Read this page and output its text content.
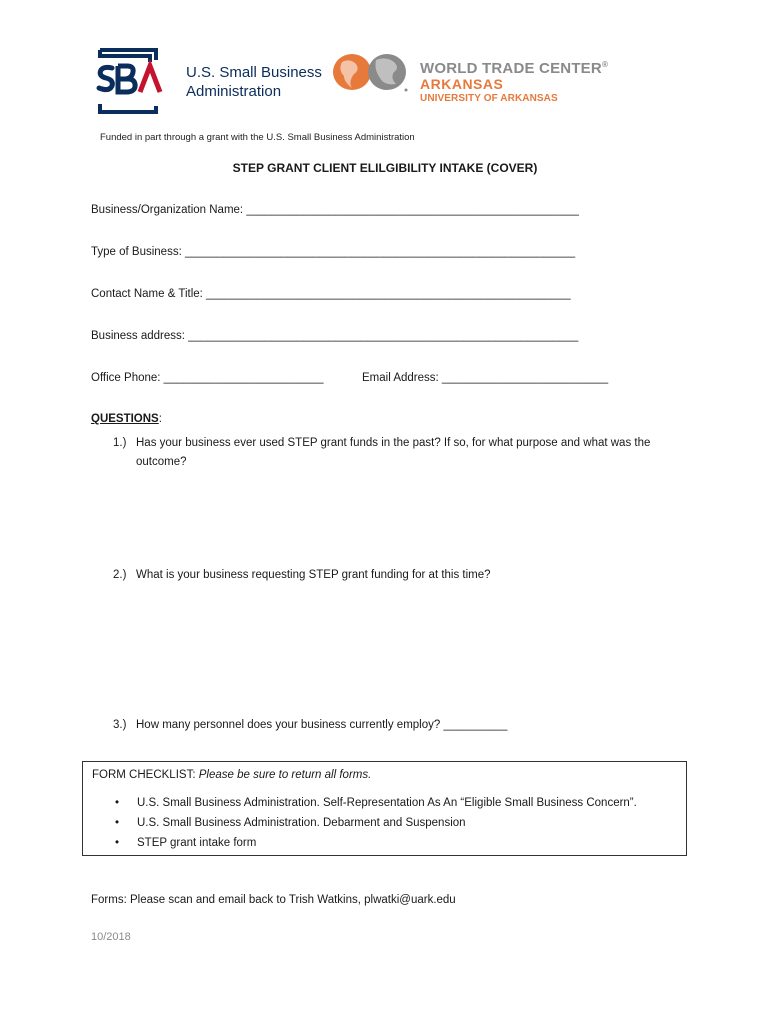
U.S. Small Business
Administration
WORLD TRADE CENTER®
ARKANSAS
UNIVERSITY OF ARKANSAS
Funded in part through a grant with the U.S. Small Business Administration
STEP GRANT CLIENT ELILGIBILITY INTAKE (COVER)
Business/Organization Name: ____________________________________________________
Type of Business: _____________________________________________________________
Contact Name & Title: _________________________________________________________
Business address: _____________________________________________________________
Office Phone: _________________________	Email Address: __________________________
QUESTIONS:
1.) Has your business ever used STEP grant funds in the past? If so, for what purpose and what was the outcome?
2.) What is your business requesting STEP grant funding for at this time?
3.) How many personnel does your business currently employ? __________
FORM CHECKLIST: Please be sure to return all forms.
• U.S. Small Business Administration. Self-Representation As An “Eligible Small Business Concern”.
• U.S. Small Business Administration. Debarment and Suspension
• STEP grant intake form
Forms: Please scan and email back to Trish Watkins, plwatki@uark.edu
10/2018
